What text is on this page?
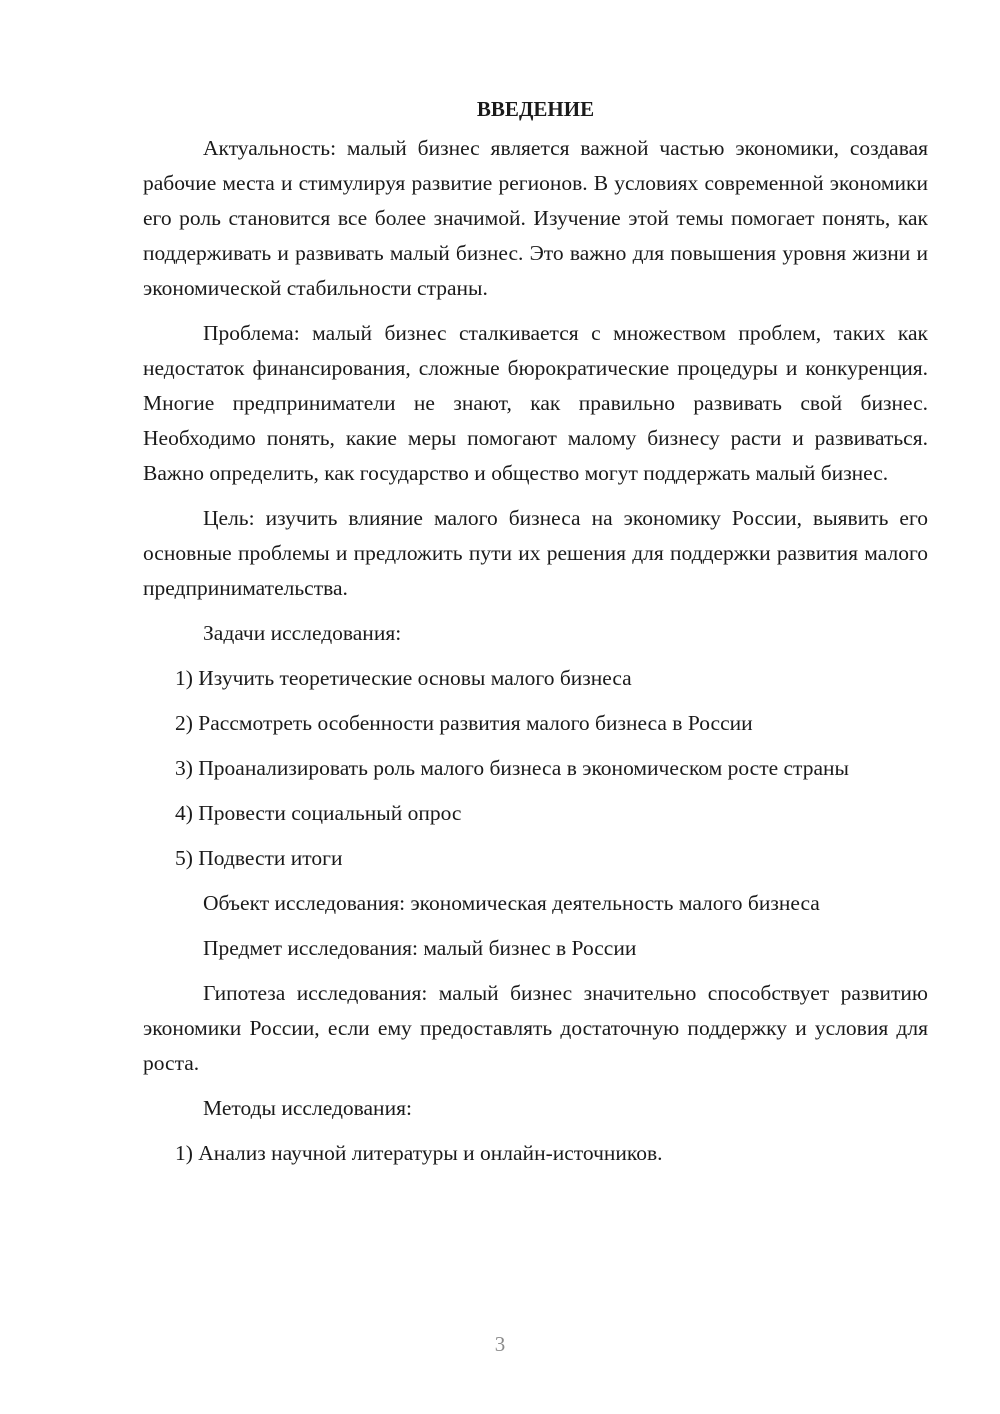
ВВЕДЕНИЕ

Актуальность: малый бизнес является важной частью экономики, создавая рабочие места и стимулируя развитие регионов. В условиях современной экономики его роль становится все более значимой. Изучение этой темы помогает понять, как поддерживать и развивать малый бизнес. Это важно для повышения уровня жизни и экономической стабильности страны.

Проблема: малый бизнес сталкивается с множеством проблем, таких как недостаток финансирования, сложные бюрократические процедуры и конкуренция. Многие предприниматели не знают, как правильно развивать свой бизнес. Необходимо понять, какие меры помогают малому бизнесу расти и развиваться. Важно определить, как государство и общество могут поддержать малый бизнес.

Цель: изучить влияние малого бизнеса на экономику России, выявить его основные проблемы и предложить пути их решения для поддержки развития малого предпринимательства.

Задачи исследования:

1) Изучить теоретические основы малого бизнеса

2) Рассмотреть особенности развития малого бизнеса в России

3) Проанализировать роль малого бизнеса в экономическом росте страны

4) Провести социальный опрос

5) Подвести итоги

Объект исследования: экономическая деятельность малого бизнеса

Предмет исследования: малый бизнес в России

Гипотеза исследования: малый бизнес значительно способствует развитию экономики России, если ему предоставлять достаточную поддержку и условия для роста.

Методы исследования:

1) Анализ научной литературы и онлайн-источников.

3
